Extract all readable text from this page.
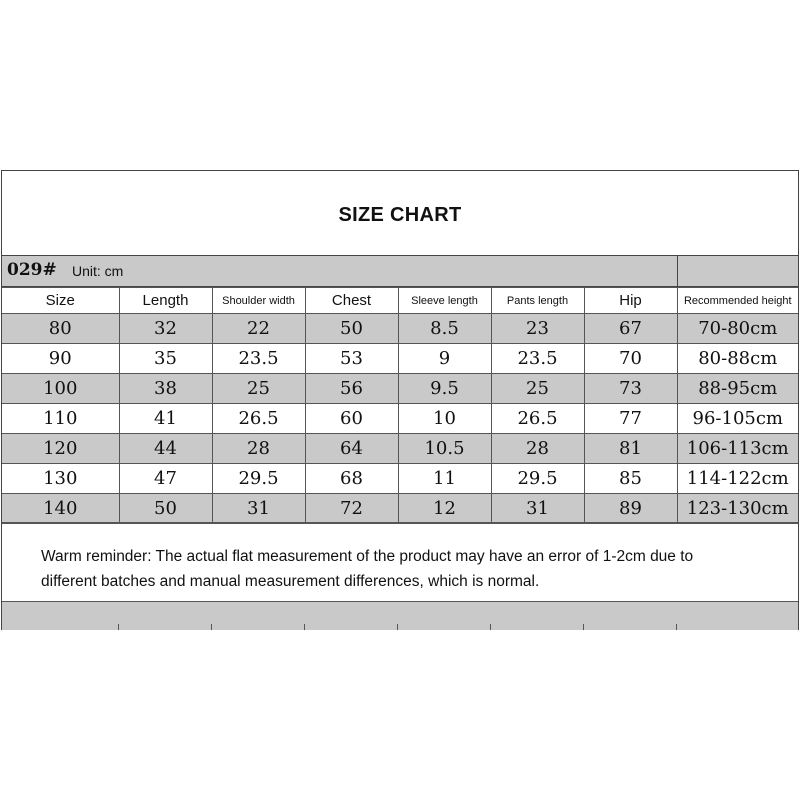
SIZE CHART
029# Unit: cm
Size	Length	Shoulder width	Chest	Sleeve length	Pants length	Hip	Recommended height
80	32	22	50	8.5	23	67	70-80cm
90	35	23.5	53	9	23.5	70	80-88cm
100	38	25	56	9.5	25	73	88-95cm
110	41	26.5	60	10	26.5	77	96-105cm
120	44	28	64	10.5	28	81	106-113cm
130	47	29.5	68	11	29.5	85	114-122cm
140	50	31	72	12	31	89	123-130cm
Warm reminder: The actual flat measurement of the product may have an error of 1-2cm due to
different batches and manual measurement differences, which is normal.
